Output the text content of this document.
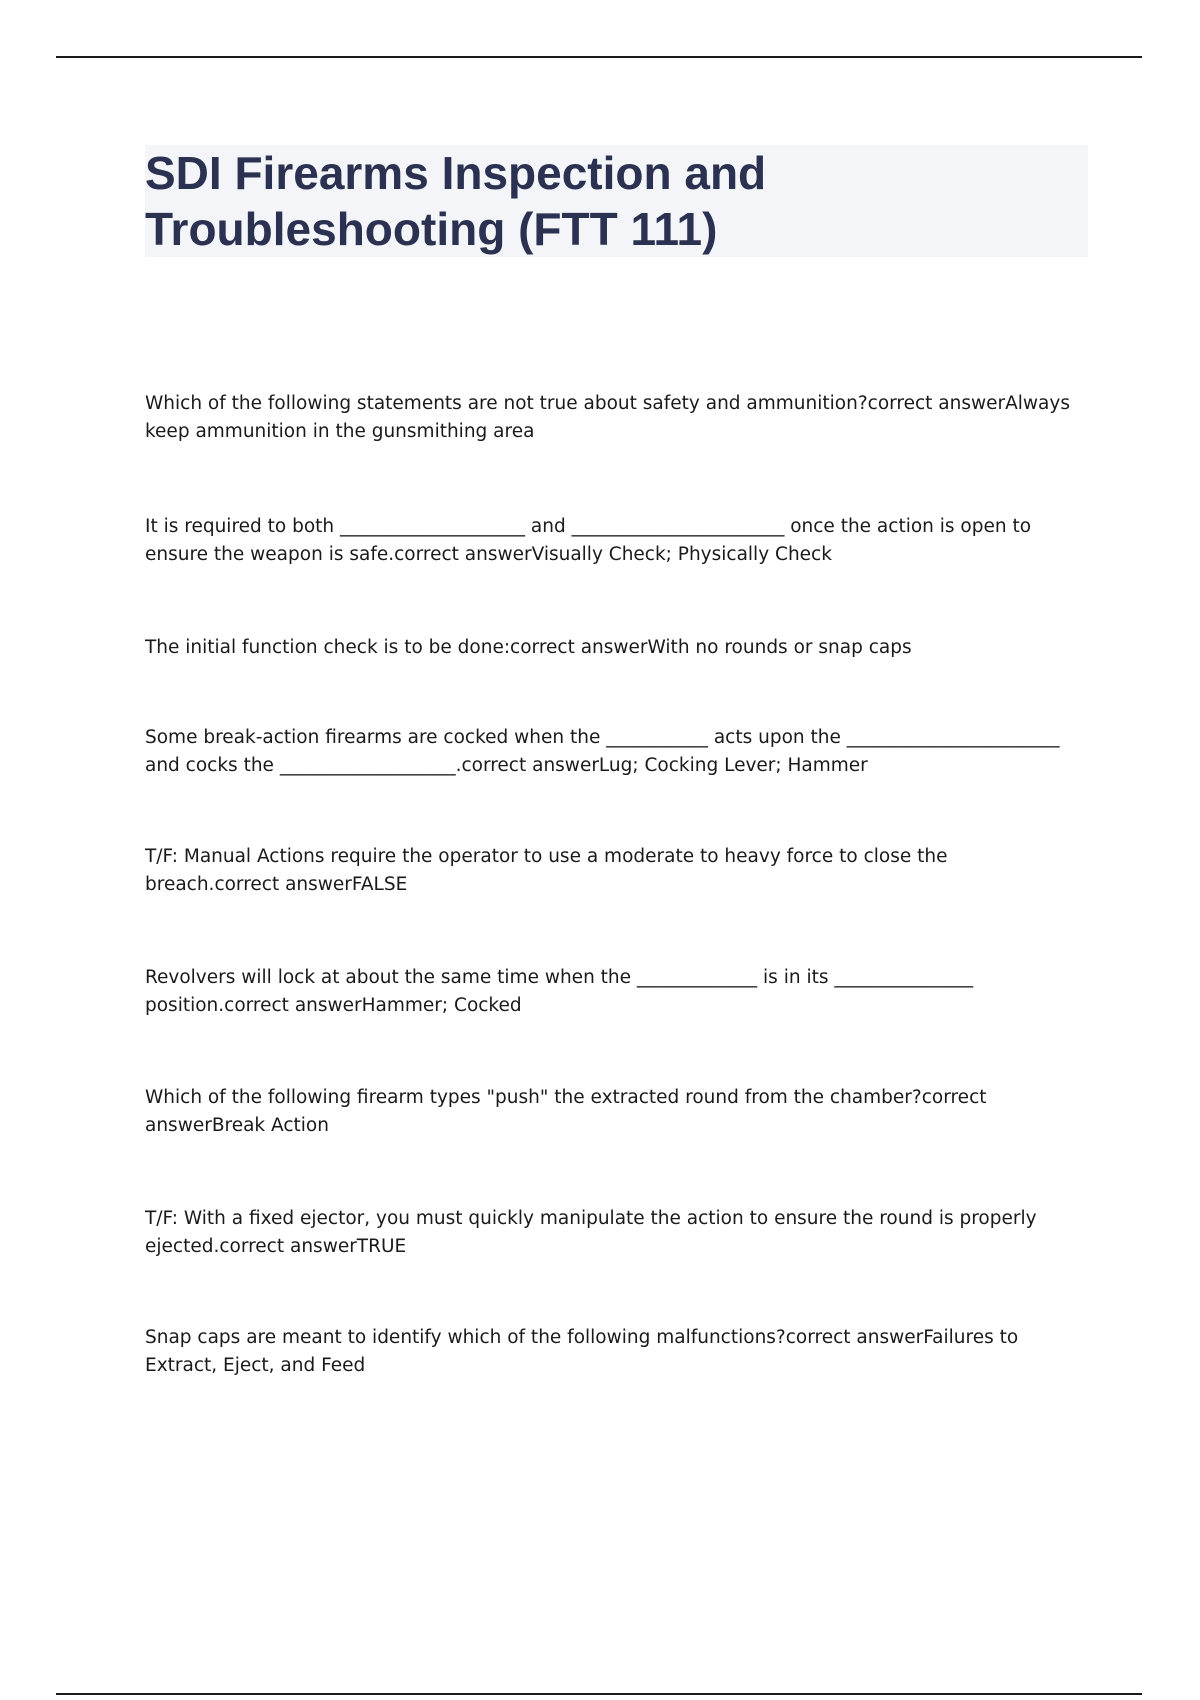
SDI Firearms Inspection and Troubleshooting (FTT 111)
Which of the following statements are not true about safety and ammunition?correct answerAlways keep ammunition in the gunsmithing area
It is required to both ____________________ and _______________________ once the action is open to ensure the weapon is safe.correct answerVisually Check; Physically Check
The initial function check is to be done:correct answerWith no rounds or snap caps
Some break-action firearms are cocked when the ___________ acts upon the _______________________ and cocks the ___________________.correct answerLug; Cocking Lever; Hammer
T/F: Manual Actions require the operator to use a moderate to heavy force to close the breach.correct answerFALSE
Revolvers will lock at about the same time when the _____________ is in its _______________ position.correct answerHammer; Cocked
Which of the following firearm types "push" the extracted round from the chamber?correct answerBreak Action
T/F: With a fixed ejector, you must quickly manipulate the action to ensure the round is properly ejected.correct answerTRUE
Snap caps are meant to identify which of the following malfunctions?correct answerFailures to Extract, Eject, and Feed
